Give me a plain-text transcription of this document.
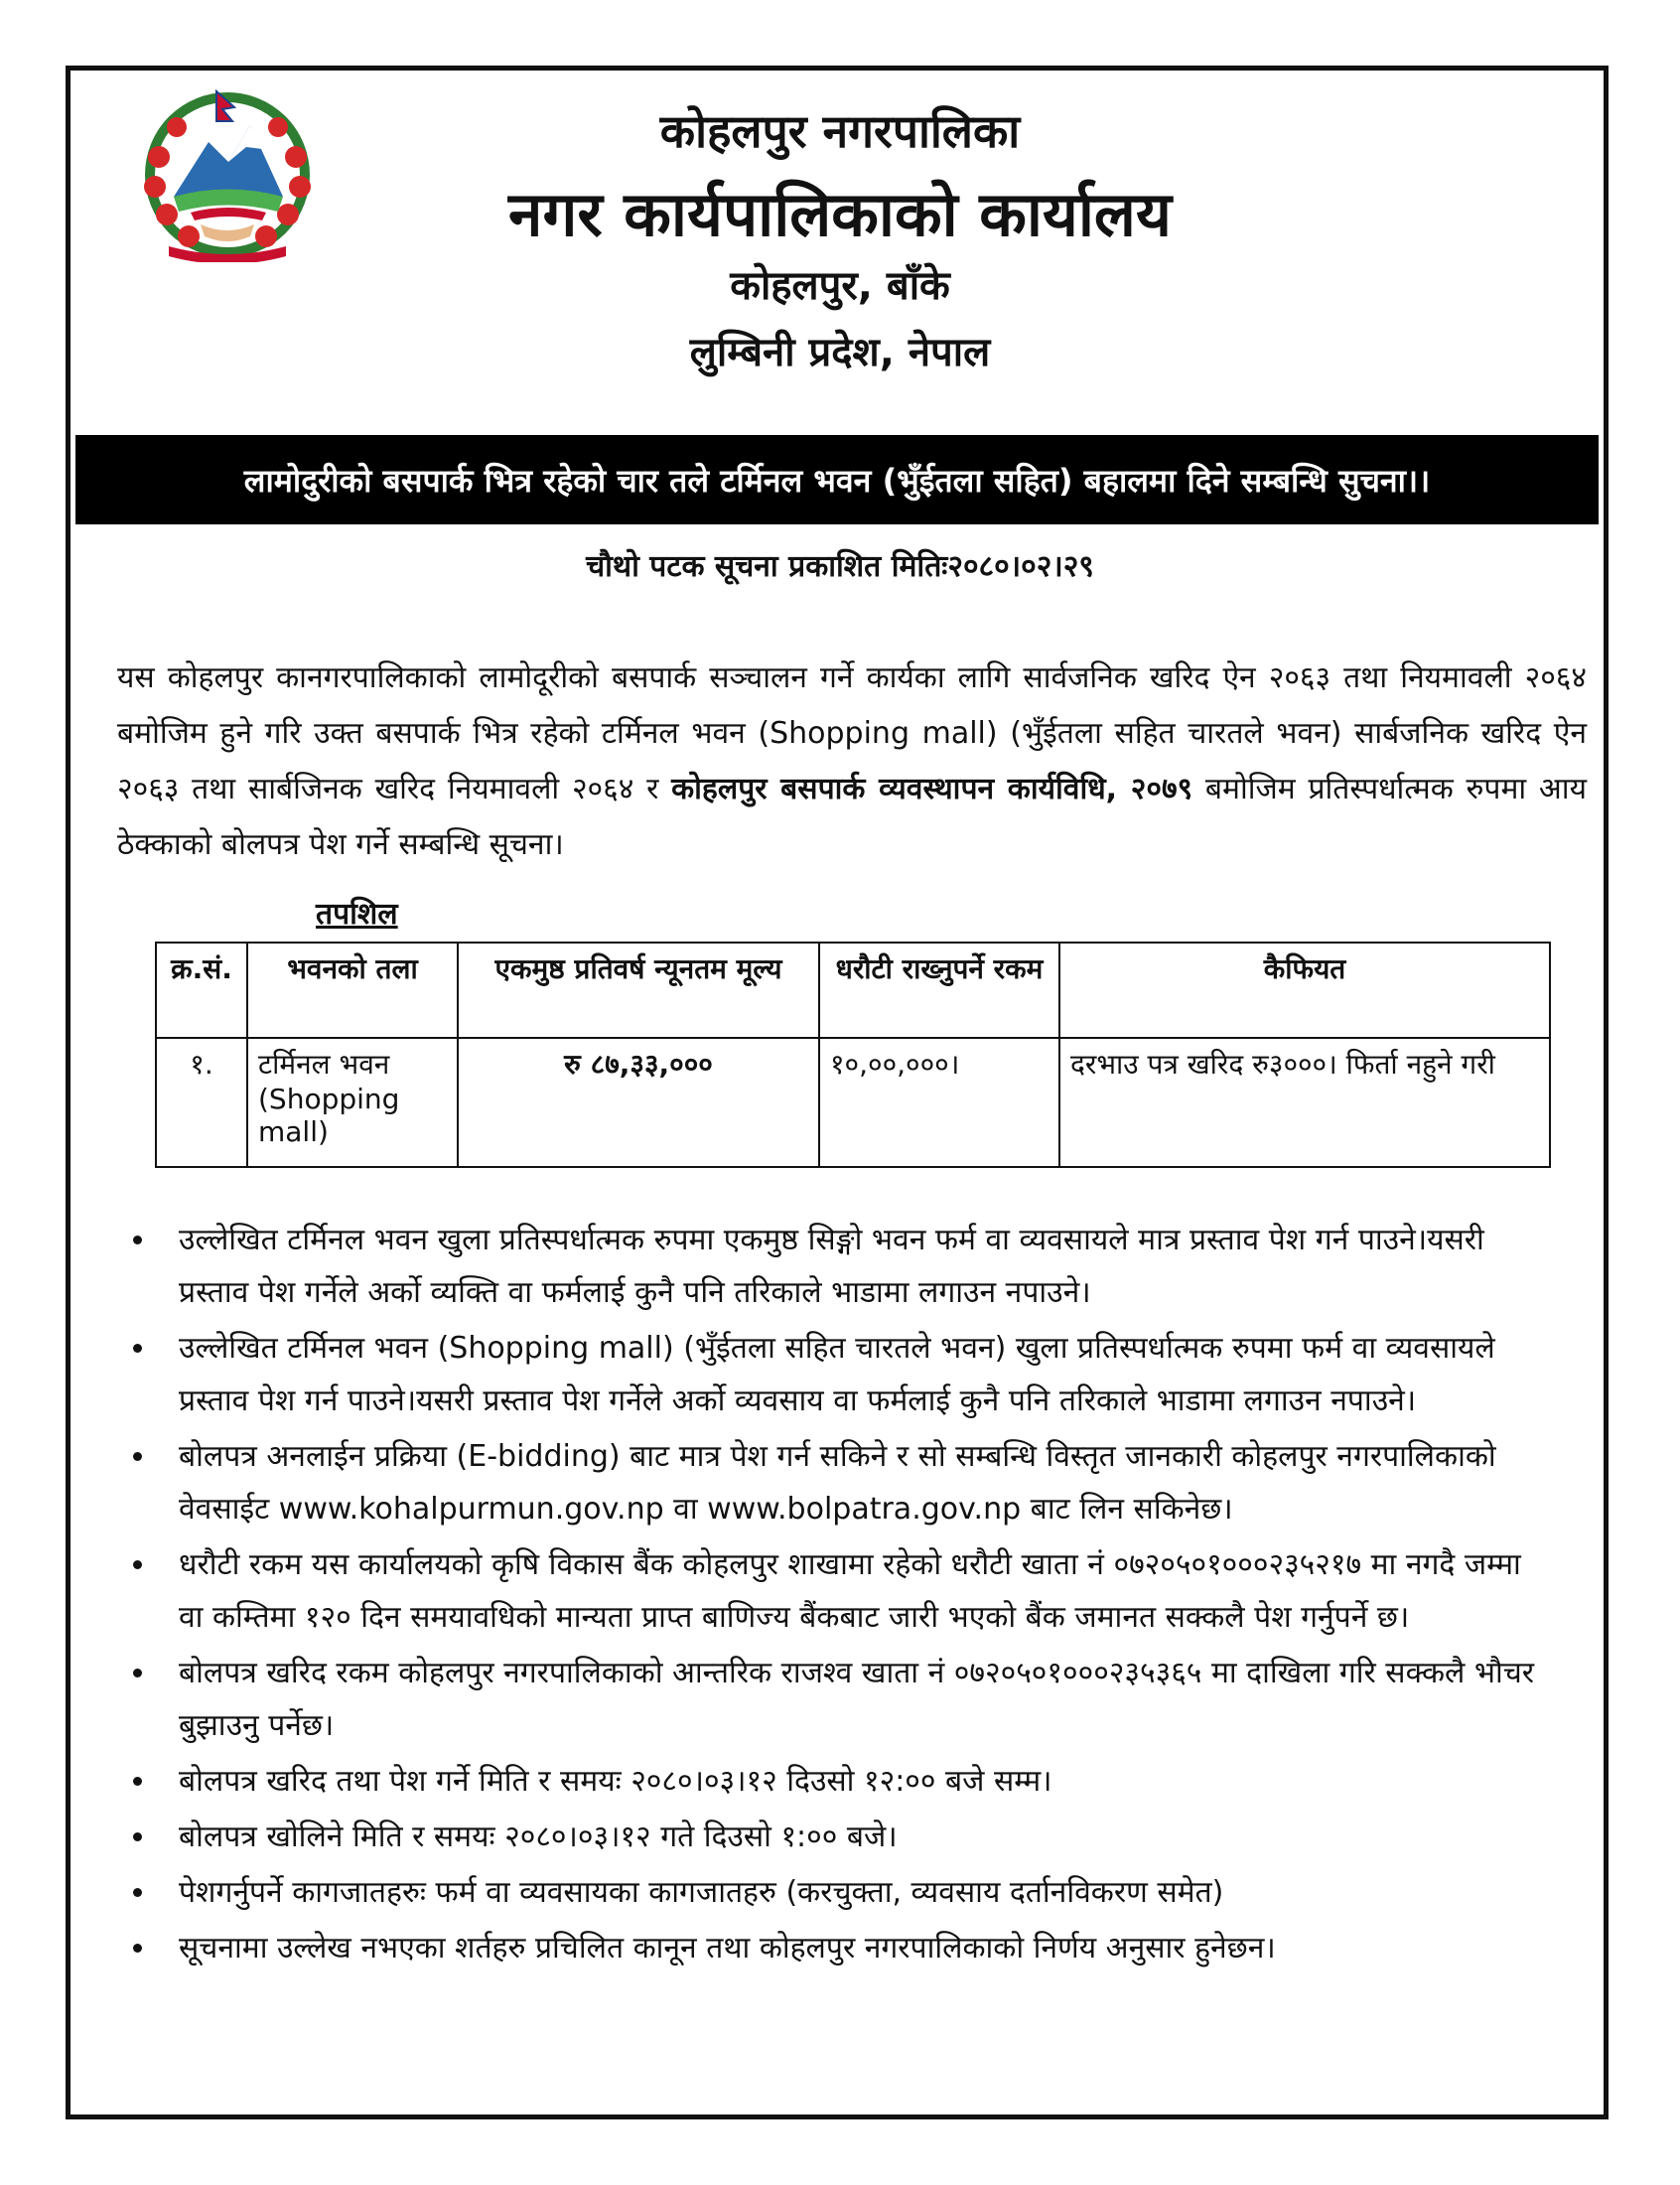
कोहलपुर नगरपालिका
नगर कार्यपालिकाको कार्यालय
कोहलपुर, बाँके
लुम्बिनी प्रदेश, नेपाल
लामोदुरीको बसपार्क भित्र रहेको चार तले टर्मिनल भवन (भुँईतला सहित) बहालमा दिने सम्बन्धि सुचना।।
चौथो पटक सूचना प्रकाशित मितिः२०८०।०२।२९
यस कोहलपुर कानगरपालिकाको लामोदूरीको बसपार्क सञ्चालन गर्ने कार्यका लागि सार्वजनिक खरिद ऐन २०६३ तथा नियमावली २०६४ बमोजिम हुने गरि उक्त बसपार्क भित्र रहेको टर्मिनल भवन (Shopping mall) (भुँईतला सहित चारतले भवन) सार्बजनिक खरिद ऐन २०६३ तथा सार्बजिनक खरिद नियमावली २०६४ र कोहलपुर बसपार्क व्यवस्थापन कार्यविधि, २०७९ बमोजिम प्रतिस्पर्धात्मक रुपमा आय ठेक्काको बोलपत्र पेश गर्ने सम्बन्धि सूचना।
तपशिल
क्र.सं.	भवनको तला	एकमुष्ठ प्रतिवर्ष न्यूनतम मूल्य	धरौटी राख्नुपर्ने रकम	कैफियत
१.	टर्मिनल भवन (Shopping mall)	रु ८७,३३,०००	१०,००,०००।	दरभाउ पत्र खरिद रु३०००। फिर्ता नहुने गरी
उल्लेखित टर्मिनल भवन खुला प्रतिस्पर्धात्मक रुपमा एकमुष्ठ सिङ्गो भवन फर्म वा व्यवसायले मात्र प्रस्ताव पेश गर्न पाउने।यसरी प्रस्ताव पेश गर्नेले अर्को व्यक्ति वा फर्मलाई कुनै पनि तरिकाले भाडामा लगाउन नपाउने।
उल्लेखित टर्मिनल भवन (Shopping mall) (भुँईतला सहित चारतले भवन) खुला प्रतिस्पर्धात्मक रुपमा फर्म वा व्यवसायले प्रस्ताव पेश गर्न पाउने।यसरी प्रस्ताव पेश गर्नेले अर्को व्यवसाय वा फर्मलाई कुनै पनि तरिकाले भाडामा लगाउन नपाउने।
बोलपत्र अनलाईन प्रक्रिया (E-bidding) बाट मात्र पेश गर्न सकिने र सो सम्बन्धि विस्तृत जानकारी कोहलपुर नगरपालिकाको वेवसाईट www.kohalpurmun.gov.np वा www.bolpatra.gov.np बाट लिन सकिनेछ।
धरौटी रकम यस कार्यालयको कृषि विकास बैंक कोहलपुर शाखामा रहेको धरौटी खाता नं ०७२०५०१०००२३५२१७ मा नगदै जम्मा वा कम्तिमा १२० दिन समयावधिको मान्यता प्राप्त बाणिज्य बैंकबाट जारी भएको बैंक जमानत सक्कलै पेश गर्नुपर्ने छ।
बोलपत्र खरिद रकम कोहलपुर नगरपालिकाको आन्तरिक राजश्व खाता नं ०७२०५०१०००२३५३६५ मा दाखिला गरि सक्कलै भौचर बुझाउनु पर्नेछ।
बोलपत्र खरिद तथा पेश गर्ने मिति र समयः २०८०।०३।१२ दिउसो १२:०० बजे सम्म।
बोलपत्र खोलिने मिति र समयः २०८०।०३।१२ गते दिउसो १:०० बजे।
पेशगर्नुपर्ने कागजातहरुः फर्म वा व्यवसायका कागजातहरु (करचुक्ता, व्यवसाय दर्तानविकरण समेत)
सूचनामा उल्लेख नभएका शर्तहरु प्रचिलित कानून तथा कोहलपुर नगरपालिकाको निर्णय अनुसार हुनेछन।
